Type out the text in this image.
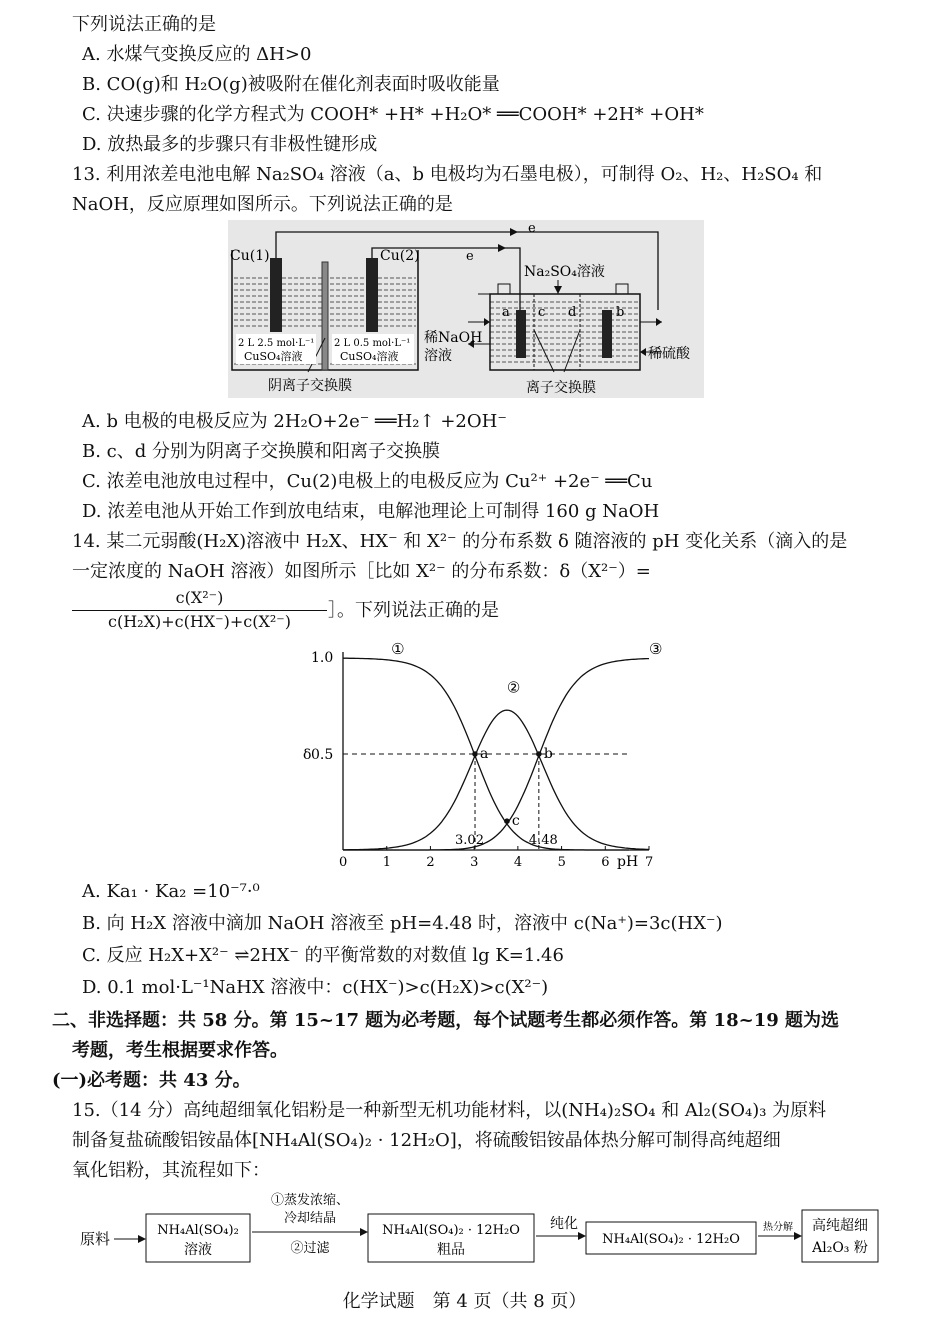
下列说法正确的是
A. 水煤气变换反应的 ΔH>0
B. CO(g)和 H₂O(g)被吸附在催化剂表面时吸收能量
C. 决速步骤的化学方程式为 COOH* +H* +H₂O* ══COOH* +2H* +OH*
D. 放热最多的步骤只有非极性键形成
13. 利用浓差电池电解 Na₂SO₄ 溶液（a、b 电极均为石墨电极），可制得 O₂、H₂、H₂SO₄ 和
NaOH，反应原理如图所示。下列说法正确的是
Cu(1)	Cu(2)	e
e
Na₂SO₄溶液
2 L 2.5 mol·L⁻¹
CuSO₄溶液
2 L 0.5 mol·L⁻¹
CuSO₄溶液
阴离子交换膜
稀NaOH
溶液	稀硫酸
离子交换膜
a c d	b
A. b 电极的电极反应为 2H₂O+2e⁻ ══H₂↑ +2OH⁻
B. c、d 分别为阴离子交换膜和阳离子交换膜
C. 浓差电池放电过程中，Cu(2)电极上的电极反应为 Cu²⁺ +2e⁻ ══Cu
D. 浓差电池从开始工作到放电结束，电解池理论上可制得 160 g NaOH
14. 某二元弱酸(H₂X)溶液中 H₂X、HX⁻ 和 X²⁻ 的分布系数 δ 随溶液的 pH 变化关系（滴入的是
一定浓度的 NaOH 溶液）如图所示［比如 X²⁻ 的分布系数：δ（X²⁻）=
c(X²⁻)
c(H₂X)+c(HX⁻)+c(X²⁻)
］。下列说法正确的是
1.0
0.5
δ
pH
0	1	2	3	4	5	6	7
①
②
③
a	b
c
3.02	4.48
A. Ka₁ · Ka₂ =10⁻⁷·⁰
B. 向 H₂X 溶液中滴加 NaOH 溶液至 pH=4.48 时，溶液中 c(Na⁺)=3c(HX⁻)
C. 反应 H₂X+X²⁻ ⇌2HX⁻ 的平衡常数的对数值 lg K=1.46
D. 0.1 mol·L⁻¹NaHX 溶液中：c(HX⁻)>c(H₂X)>c(X²⁻)
二、非选择题：共 58 分。第 15~17 题为必考题，每个试题考生都必须作答。第 18~19 题为选
考题，考生根据要求作答。
(一)必考题：共 43 分。
15.（14 分）高纯超细氧化铝粉是一种新型无机功能材料，以(NH₄)₂SO₄ 和 Al₂(SO₄)₃ 为原料
制备复盐硫酸铝铵晶体[NH₄Al(SO₄)₂ · 12H₂O]，将硫酸铝铵晶体热分解可制得高纯超细
氧化铝粉，其流程如下：
原料	NH₄Al(SO₄)₂
溶液
①蒸发浓缩、
冷却结晶
②过滤
NH₄Al(SO₄)₂ · 12H₂O
粗品
纯化
NH₄Al(SO₄)₂ · 12H₂O
热分解 高纯超细
Al₂O₃ 粉
化学试题　第 4 页（共 8 页）
